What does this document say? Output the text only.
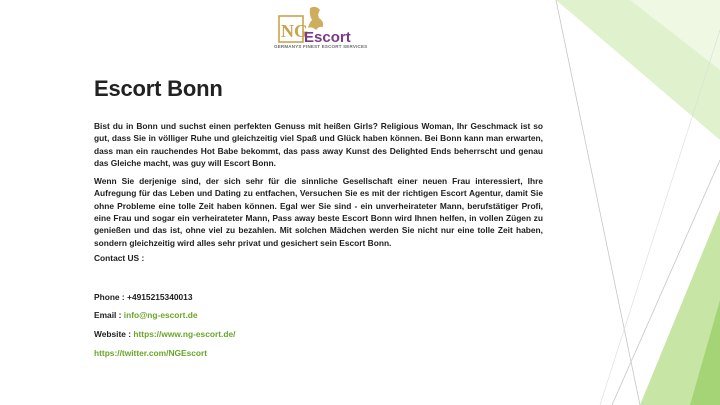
NG
Escort
GERMANYS FINEST ESCORT SERVICES
Escort Bonn

Bist du in Bonn und suchst einen perfekten Genuss mit heißen Girls? Religious Woman, Ihr Geschmack ist so gut, dass Sie in völliger Ruhe und gleichzeitig viel Spaß und Glück haben können. Bei Bonn kann man erwarten, dass man ein rauchendes Hot Babe bekommt, das pass away Kunst des Delighted Ends beherrscht und genau das Gleiche macht, was guy will Escort Bonn.

Wenn Sie derjenige sind, der sich sehr für die sinnliche Gesellschaft einer neuen Frau interessiert, Ihre Aufregung für das Leben und Dating zu entfachen, Versuchen Sie es mit der richtigen Escort Agentur, damit Sie ohne Probleme eine tolle Zeit haben können. Egal wer Sie sind - ein unverheirateter Mann, berufstätiger Profi, eine Frau und sogar ein verheirateter Mann, Pass away beste Escort Bonn wird Ihnen helfen, in vollen Zügen zu genießen und das ist, ohne viel zu bezahlen. Mit solchen Mädchen werden Sie nicht nur eine tolle Zeit haben, sondern gleichzeitig wird alles sehr privat und gesichert sein Escort Bonn.

Contact US :
Phone : +4915215340013
Email : info@ng-escort.de
Website : https://www.ng-escort.de/
https://twitter.com/NGEscort
